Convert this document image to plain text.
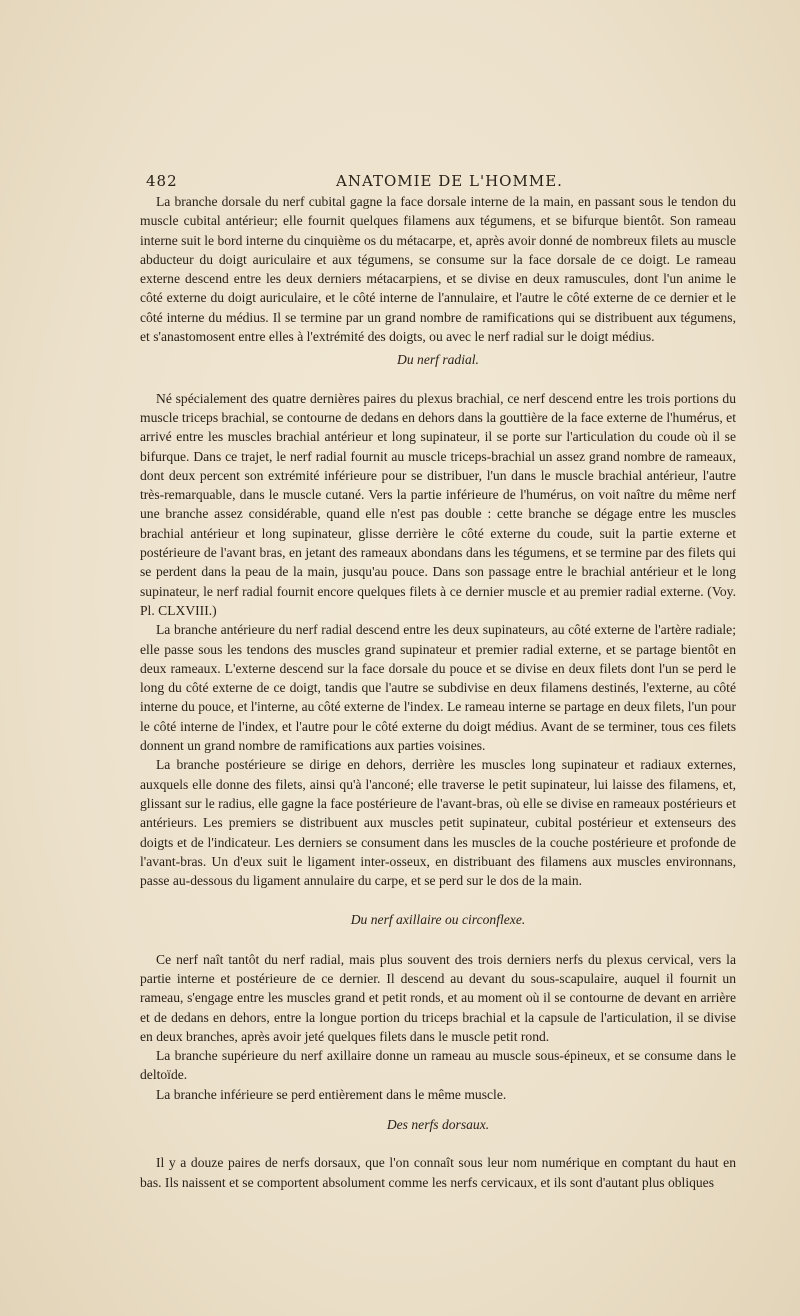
482	ANATOMIE DE L'HOMME.

La branche dorsale du nerf cubital gagne la face dorsale interne de la main, en passant sous le tendon du muscle cubital antérieur; elle fournit quelques filamens aux tégumens, et se bifurque bientôt. Son rameau interne suit le bord interne du cinquième os du métacarpe, et, après avoir donné de nombreux filets au muscle abducteur du doigt auriculaire et aux tégumens, se consume sur la face dorsale de ce doigt. Le rameau externe descend entre les deux derniers métacarpiens, et se divise en deux ramuscules, dont l'un anime le côté externe du doigt auriculaire, et le côté interne de l'annulaire, et l'autre le côté externe de ce dernier et le côté interne du médius. Il se termine par un grand nombre de ramifications qui se distribuent aux tégumens, et s'anastomosent entre elles à l'extrémité des doigts, ou avec le nerf radial sur le doigt médius.

Du nerf radial.

Né spécialement des quatre dernières paires du plexus brachial, ce nerf descend entre les trois portions du muscle triceps brachial, se contourne de dedans en dehors dans la gouttière de la face externe de l'humérus, et arrivé entre les muscles brachial antérieur et long supinateur, il se porte sur l'articulation du coude où il se bifurque. Dans ce trajet, le nerf radial fournit au muscle triceps-brachial un assez grand nombre de rameaux, dont deux percent son extrémité inférieure pour se distribuer, l'un dans le muscle brachial antérieur, l'autre très-remarquable, dans le muscle cutané. Vers la partie inférieure de l'humérus, on voit naître du même nerf une branche assez considérable, quand elle n'est pas double : cette branche se dégage entre les muscles brachial antérieur et long supinateur, glisse derrière le côté externe du coude, suit la partie externe et postérieure de l'avant bras, en jetant des rameaux abondans dans les tégumens, et se termine par des filets qui se perdent dans la peau de la main, jusqu'au pouce. Dans son passage entre le brachial antérieur et le long supinateur, le nerf radial fournit encore quelques filets à ce dernier muscle et au premier radial externe. (Voy. Pl. CLXVIII.)

La branche antérieure du nerf radial descend entre les deux supinateurs, au côté externe de l'artère radiale; elle passe sous les tendons des muscles grand supinateur et premier radial externe, et se partage bientôt en deux rameaux. L'externe descend sur la face dorsale du pouce et se divise en deux filets dont l'un se perd le long du côté externe de ce doigt, tandis que l'autre se subdivise en deux filamens destinés, l'externe, au côté interne du pouce, et l'interne, au côté externe de l'index. Le rameau interne se partage en deux filets, l'un pour le côté interne de l'index, et l'autre pour le côté externe du doigt médius. Avant de se terminer, tous ces filets donnent un grand nombre de ramifications aux parties voisines.

La branche postérieure se dirige en dehors, derrière les muscles long supinateur et radiaux externes, auxquels elle donne des filets, ainsi qu'à l'anconé; elle traverse le petit supinateur, lui laisse des filamens, et, glissant sur le radius, elle gagne la face postérieure de l'avant-bras, où elle se divise en rameaux postérieurs et antérieurs. Les premiers se distribuent aux muscles petit supinateur, cubital postérieur et extenseurs des doigts et de l'indicateur. Les derniers se consument dans les muscles de la couche postérieure et profonde de l'avant-bras. Un d'eux suit le ligament inter-osseux, en distribuant des filamens aux muscles environnans, passe au-dessous du ligament annulaire du carpe, et se perd sur le dos de la main.

Du nerf axillaire ou circonflexe.

Ce nerf naît tantôt du nerf radial, mais plus souvent des trois derniers nerfs du plexus cervical, vers la partie interne et postérieure de ce dernier. Il descend au devant du sous-scapulaire, auquel il fournit un rameau, s'engage entre les muscles grand et petit ronds, et au moment où il se contourne de devant en arrière et de dedans en dehors, entre la longue portion du triceps brachial et la capsule de l'articulation, il se divise en deux branches, après avoir jeté quelques filets dans le muscle petit rond.

La branche supérieure du nerf axillaire donne un rameau au muscle sous-épineux, et se consume dans le deltoïde.

La branche inférieure se perd entièrement dans le même muscle.

Des nerfs dorsaux.

Il y a douze paires de nerfs dorsaux, que l'on connaît sous leur nom numérique en comptant du haut en bas. Ils naissent et se comportent absolument comme les nerfs cervicaux, et ils sont d'autant plus obliques
